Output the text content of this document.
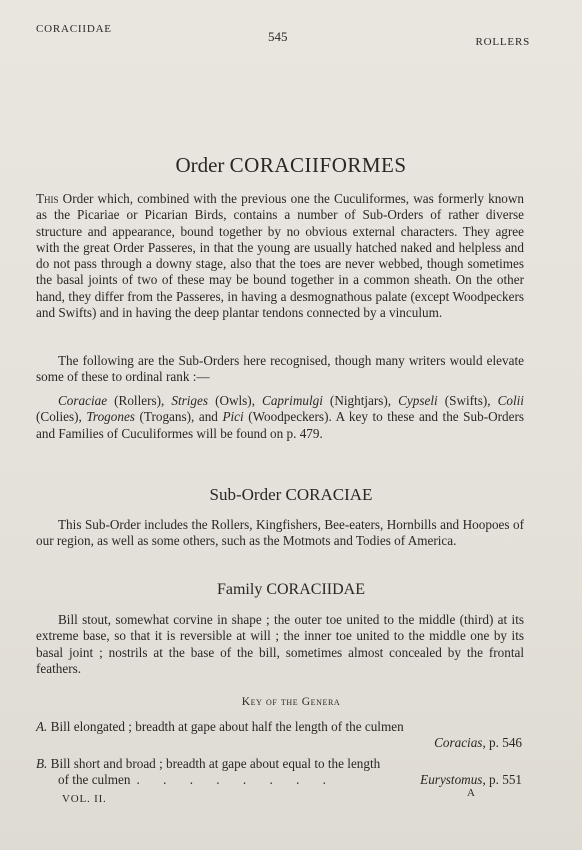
CORACIIDAE	545	ROLLERS
Order CORACIIFORMES
This Order which, combined with the previous one the Cuculiformes, was formerly known as the Picariae or Picarian Birds, contains a number of Sub-Orders of rather diverse structure and appearance, bound together by no obvious external characters. They agree with the great Order Passeres, in that the young are usually hatched naked and helpless and do not pass through a downy stage, also that the toes are never webbed, though sometimes the basal joints of two of these may be bound together in a common sheath. On the other hand, they differ from the Passeres, in having a desmognathous palate (except Woodpeckers and Swifts) and in having the deep plantar tendons connected by a vinculum.
The following are the Sub-Orders here recognised, though many writers would elevate some of these to ordinal rank :—
Coraciae (Rollers), Striges (Owls), Caprimulgi (Nightjars), Cypseli (Swifts), Colii (Colies), Trogones (Trogans), and Pici (Woodpeckers). A key to these and the Sub-Orders and Families of Cuculiformes will be found on p. 479.
Sub-Order CORACIAE
This Sub-Order includes the Rollers, Kingfishers, Bee-eaters, Hornbills and Hoopoes of our region, as well as some others, such as the Motmots and Todies of America.
Family CORACIIDAE
Bill stout, somewhat corvine in shape ; the outer toe united to the middle (third) at its extreme base, so that it is reversible at will ; the inner toe united to the middle one by its basal joint ; nostrils at the base of the bill, sometimes almost concealed by the frontal feathers.
Key of the Genera
A. Bill elongated ; breadth at gape about half the length of the culmen
Coracias, p. 546
B. Bill short and broad ; breadth at gape about equal to the length
of the culmen . . . . . . . .	Eurystomus, p. 551
VOL. II.	A
